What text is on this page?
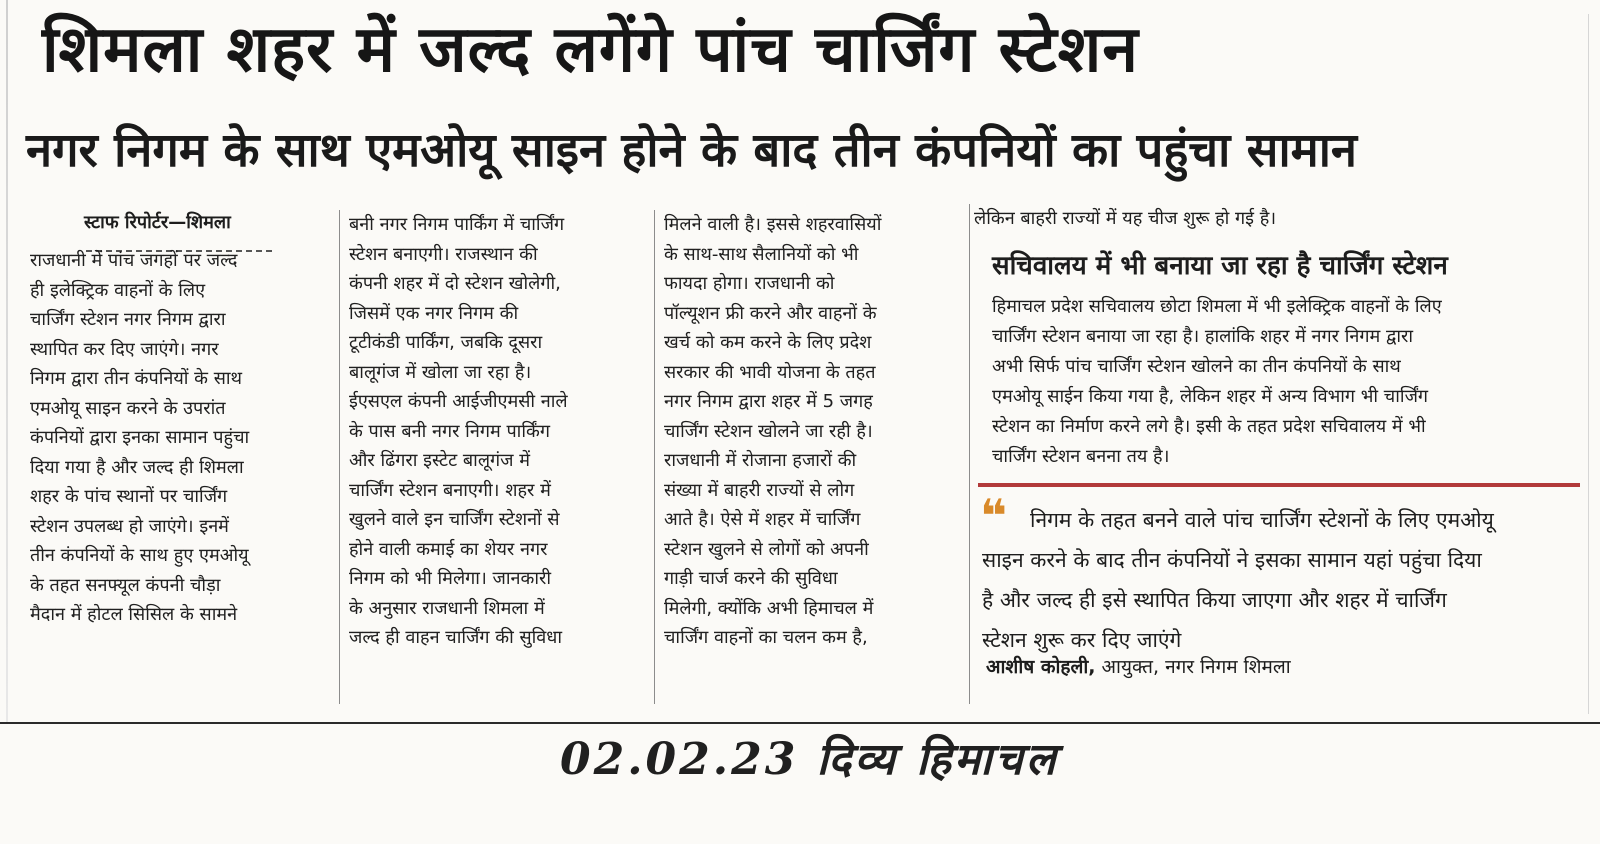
शिमला शहर में जल्द लगेंगे पांच चार्जिंग स्टेशन
नगर निगम के साथ एमओयू साइन होने के बाद तीन कंपनियों का पहुंचा सामान
स्टाफ रिपोर्टर—शिमला
राजधानी में पांच जगहों पर जल्द
ही इलेक्ट्रिक वाहनों के लिए
चार्जिंग स्टेशन नगर निगम द्वारा
स्थापित कर दिए जाएंगे। नगर
निगम द्वारा तीन कंपनियों के साथ
एमओयू साइन करने के उपरांत
कंपनियों द्वारा इनका सामान पहुंचा
दिया गया है और जल्द ही शिमला
शहर के पांच स्थानों पर चार्जिंग
स्टेशन उपलब्ध हो जाएंगे। इनमें
तीन कंपनियों के साथ हुए एमओयू
के तहत सनफ्यूल कंपनी चौड़ा
मैदान में होटल सिसिल के सामने
बनी नगर निगम पार्किंग में चार्जिंग
स्टेशन बनाएगी। राजस्थान की
कंपनी शहर में दो स्टेशन खोलेगी,
जिसमें एक नगर निगम की
टूटीकंडी पार्किंग, जबकि दूसरा
बालूगंज में खोला जा रहा है।
ईएसएल कंपनी आईजीएमसी नाले
के पास बनी नगर निगम पार्किंग
और ढिंगरा इस्टेट बालूगंज में
चार्जिंग स्टेशन बनाएगी। शहर में
खुलने वाले इन चार्जिंग स्टेशनों से
होने वाली कमाई का शेयर नगर
निगम को भी मिलेगा। जानकारी
के अनुसार राजधानी शिमला में
जल्द ही वाहन चार्जिंग की सुविधा
मिलने वाली है। इससे शहरवासियों
के साथ-साथ सैलानियों को भी
फायदा होगा। राजधानी को
पॉल्यूशन फ्री करने और वाहनों के
खर्च को कम करने के लिए प्रदेश
सरकार की भावी योजना के तहत
नगर निगम द्वारा शहर में 5 जगह
चार्जिंग स्टेशन खोलने जा रही है।
राजधानी में रोजाना हजारों की
संख्या में बाहरी राज्यों से लोग
आते है। ऐसे में शहर में चार्जिंग
स्टेशन खुलने से लोगों को अपनी
गाड़ी चार्ज करने की सुविधा
मिलेगी, क्योंकि अभी हिमाचल में
चार्जिंग वाहनों का चलन कम है,
लेकिन बाहरी राज्यों में यह चीज शुरू हो गई है।
सचिवालय में भी बनाया जा रहा है चार्जिंग स्टेशन
हिमाचल प्रदेश सचिवालय छोटा शिमला में भी इलेक्ट्रिक वाहनों के लिए
चार्जिंग स्टेशन बनाया जा रहा है। हालांकि शहर में नगर निगम द्वारा
अभी सिर्फ पांच चार्जिंग स्टेशन खोलने का तीन कंपनियों के साथ
एमओयू साईन किया गया है, लेकिन शहर में अन्य विभाग भी चार्जिंग
स्टेशन का निर्माण करने लगे है। इसी के तहत प्रदेश सचिवालय में भी
चार्जिंग स्टेशन बनना तय है।
❝	निगम के तहत बनने वाले पांच चार्जिंग स्टेशनों के लिए एमओयू
साइन करने के बाद तीन कंपनियों ने इसका सामान यहां पहुंचा दिया
है और जल्द ही इसे स्थापित किया जाएगा और शहर में चार्जिंग
स्टेशन शुरू कर दिए जाएंगे
आशीष कोहली, आयुक्त, नगर निगम शिमला
02.02.23 दिव्य हिमाचल
